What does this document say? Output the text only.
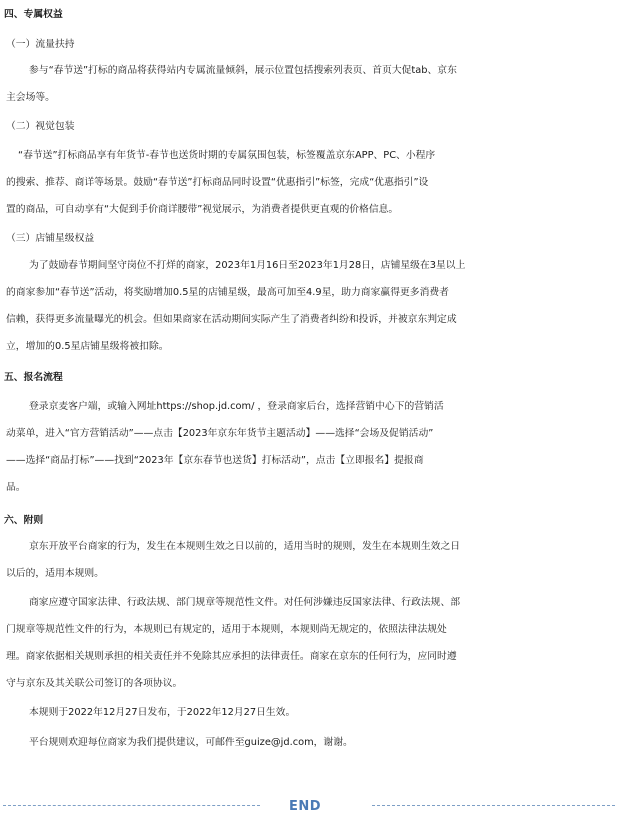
四、专属权益
（一）流量扶持
参与“春节送”打标的商品将获得站内专属流量倾斜，展示位置包括搜索列表页、首页大促tab、京东
主会场等。
（二）视觉包装
“春节送”打标商品享有年货节-春节也送货时期的专属氛围包装，标签覆盖京东APP、PC、小程序
的搜索、推荐、商详等场景。鼓励“春节送”打标商品同时设置“优惠指引”标签，完成“优惠指引”设
置的商品，可自动享有“大促到手价商详腰带”视觉展示，为消费者提供更直观的价格信息。
（三）店铺星级权益
为了鼓励春节期间坚守岗位不打烊的商家，2023年1月16日至2023年1月28日，店铺星级在3星以上
的商家参加“春节送”活动，将奖励增加0.5星的店铺星级，最高可加至4.9星，助力商家赢得更多消费者
信赖，获得更多流量曝光的机会。但如果商家在活动期间实际产生了消费者纠纷和投诉，并被京东判定成
立，增加的0.5星店铺星级将被扣除。
五、报名流程
登录京麦客户端，或输入网址https://shop.jd.com/ ，登录商家后台，选择营销中心下的营销活
动菜单，进入“官方营销活动”——点击【2023年京东年货节主题活动】——选择“会场及促销活动”
——选择“商品打标”——找到“2023年【京东春节也送货】打标活动”，点击【立即报名】提报商
品。
六、附则
京东开放平台商家的行为，发生在本规则生效之日以前的，适用当时的规则，发生在本规则生效之日
以后的，适用本规则。
商家应遵守国家法律、行政法规、部门规章等规范性文件。对任何涉嫌违反国家法律、行政法规、部
门规章等规范性文件的行为，本规则已有规定的，适用于本规则，本规则尚无规定的，依照法律法规处
理。商家依据相关规则承担的相关责任并不免除其应承担的法律责任。商家在京东的任何行为，应同时遵
守与京东及其关联公司签订的各项协议。
本规则于2022年12月27日发布，于2022年12月27日生效。
平台规则欢迎每位商家为我们提供建议，可邮件至guize@jd.com，谢谢。
END
